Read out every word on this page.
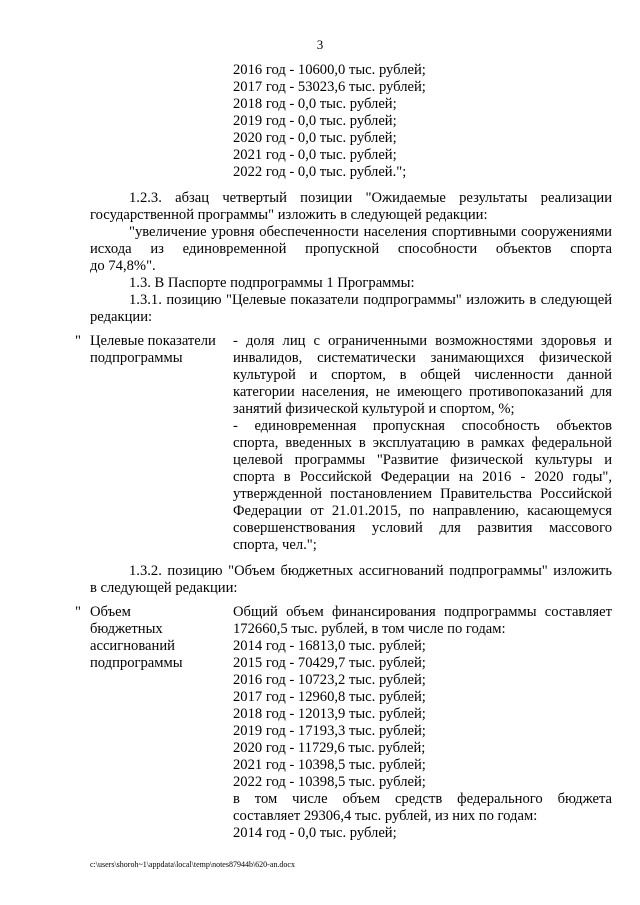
3
2016 год - 10600,0 тыс. рублей;
2017 год - 53023,6 тыс. рублей;
2018 год - 0,0 тыс. рублей;
2019 год - 0,0 тыс. рублей;
2020 год - 0,0 тыс. рублей;
2021 год - 0,0 тыс. рублей;
2022 год - 0,0 тыс. рублей.";
1.2.3. абзац четвертый позиции "Ожидаемые результаты реализации
государственной программы" изложить в следующей редакции:
"увеличение уровня обеспеченности населения спортивными сооружениями
исхода из единовременной пропускной способности объектов спорта
до 74,8%".
1.3. В Паспорте подпрограммы 1 Программы:
1.3.1. позицию "Целевые показатели подпрограммы" изложить в следующей
редакции:
" Целевые показатели
подпрограммы
- доля лиц с ограниченными возможностями здоровья и
инвалидов, систематически занимающихся физической
культурой и спортом, в общей численности данной
категории населения, не имеющего противопоказаний для
занятий физической культурой и спортом, %;
- единовременная пропускная способность объектов
спорта, введенных в эксплуатацию в рамках федеральной
целевой программы "Развитие физической культуры и
спорта в Российской Федерации на 2016 - 2020 годы",
утвержденной постановлением Правительства Российской
Федерации от 21.01.2015, по направлению, касающемуся
совершенствования условий для развития массового
спорта, чел.";
1.3.2. позицию "Объем бюджетных ассигнований подпрограммы" изложить
в следующей редакции:
" Объем
бюджетных
ассигнований
подпрограммы
Общий объем финансирования подпрограммы составляет
172660,5 тыс. рублей, в том числе по годам:
2014 год - 16813,0 тыс. рублей;
2015 год - 70429,7 тыс. рублей;
2016 год - 10723,2 тыс. рублей;
2017 год - 12960,8 тыс. рублей;
2018 год - 12013,9 тыс. рублей;
2019 год - 17193,3 тыс. рублей;
2020 год - 11729,6 тыс. рублей;
2021 год - 10398,5 тыс. рублей;
2022 год - 10398,5 тыс. рублей;
в том числе объем средств федерального бюджета
составляет 29306,4 тыс. рублей, из них по годам:
2014 год - 0,0 тыс. рублей;
c:\users\shoroh~1\appdata\local\temp\notes87944b\620-an.docx
